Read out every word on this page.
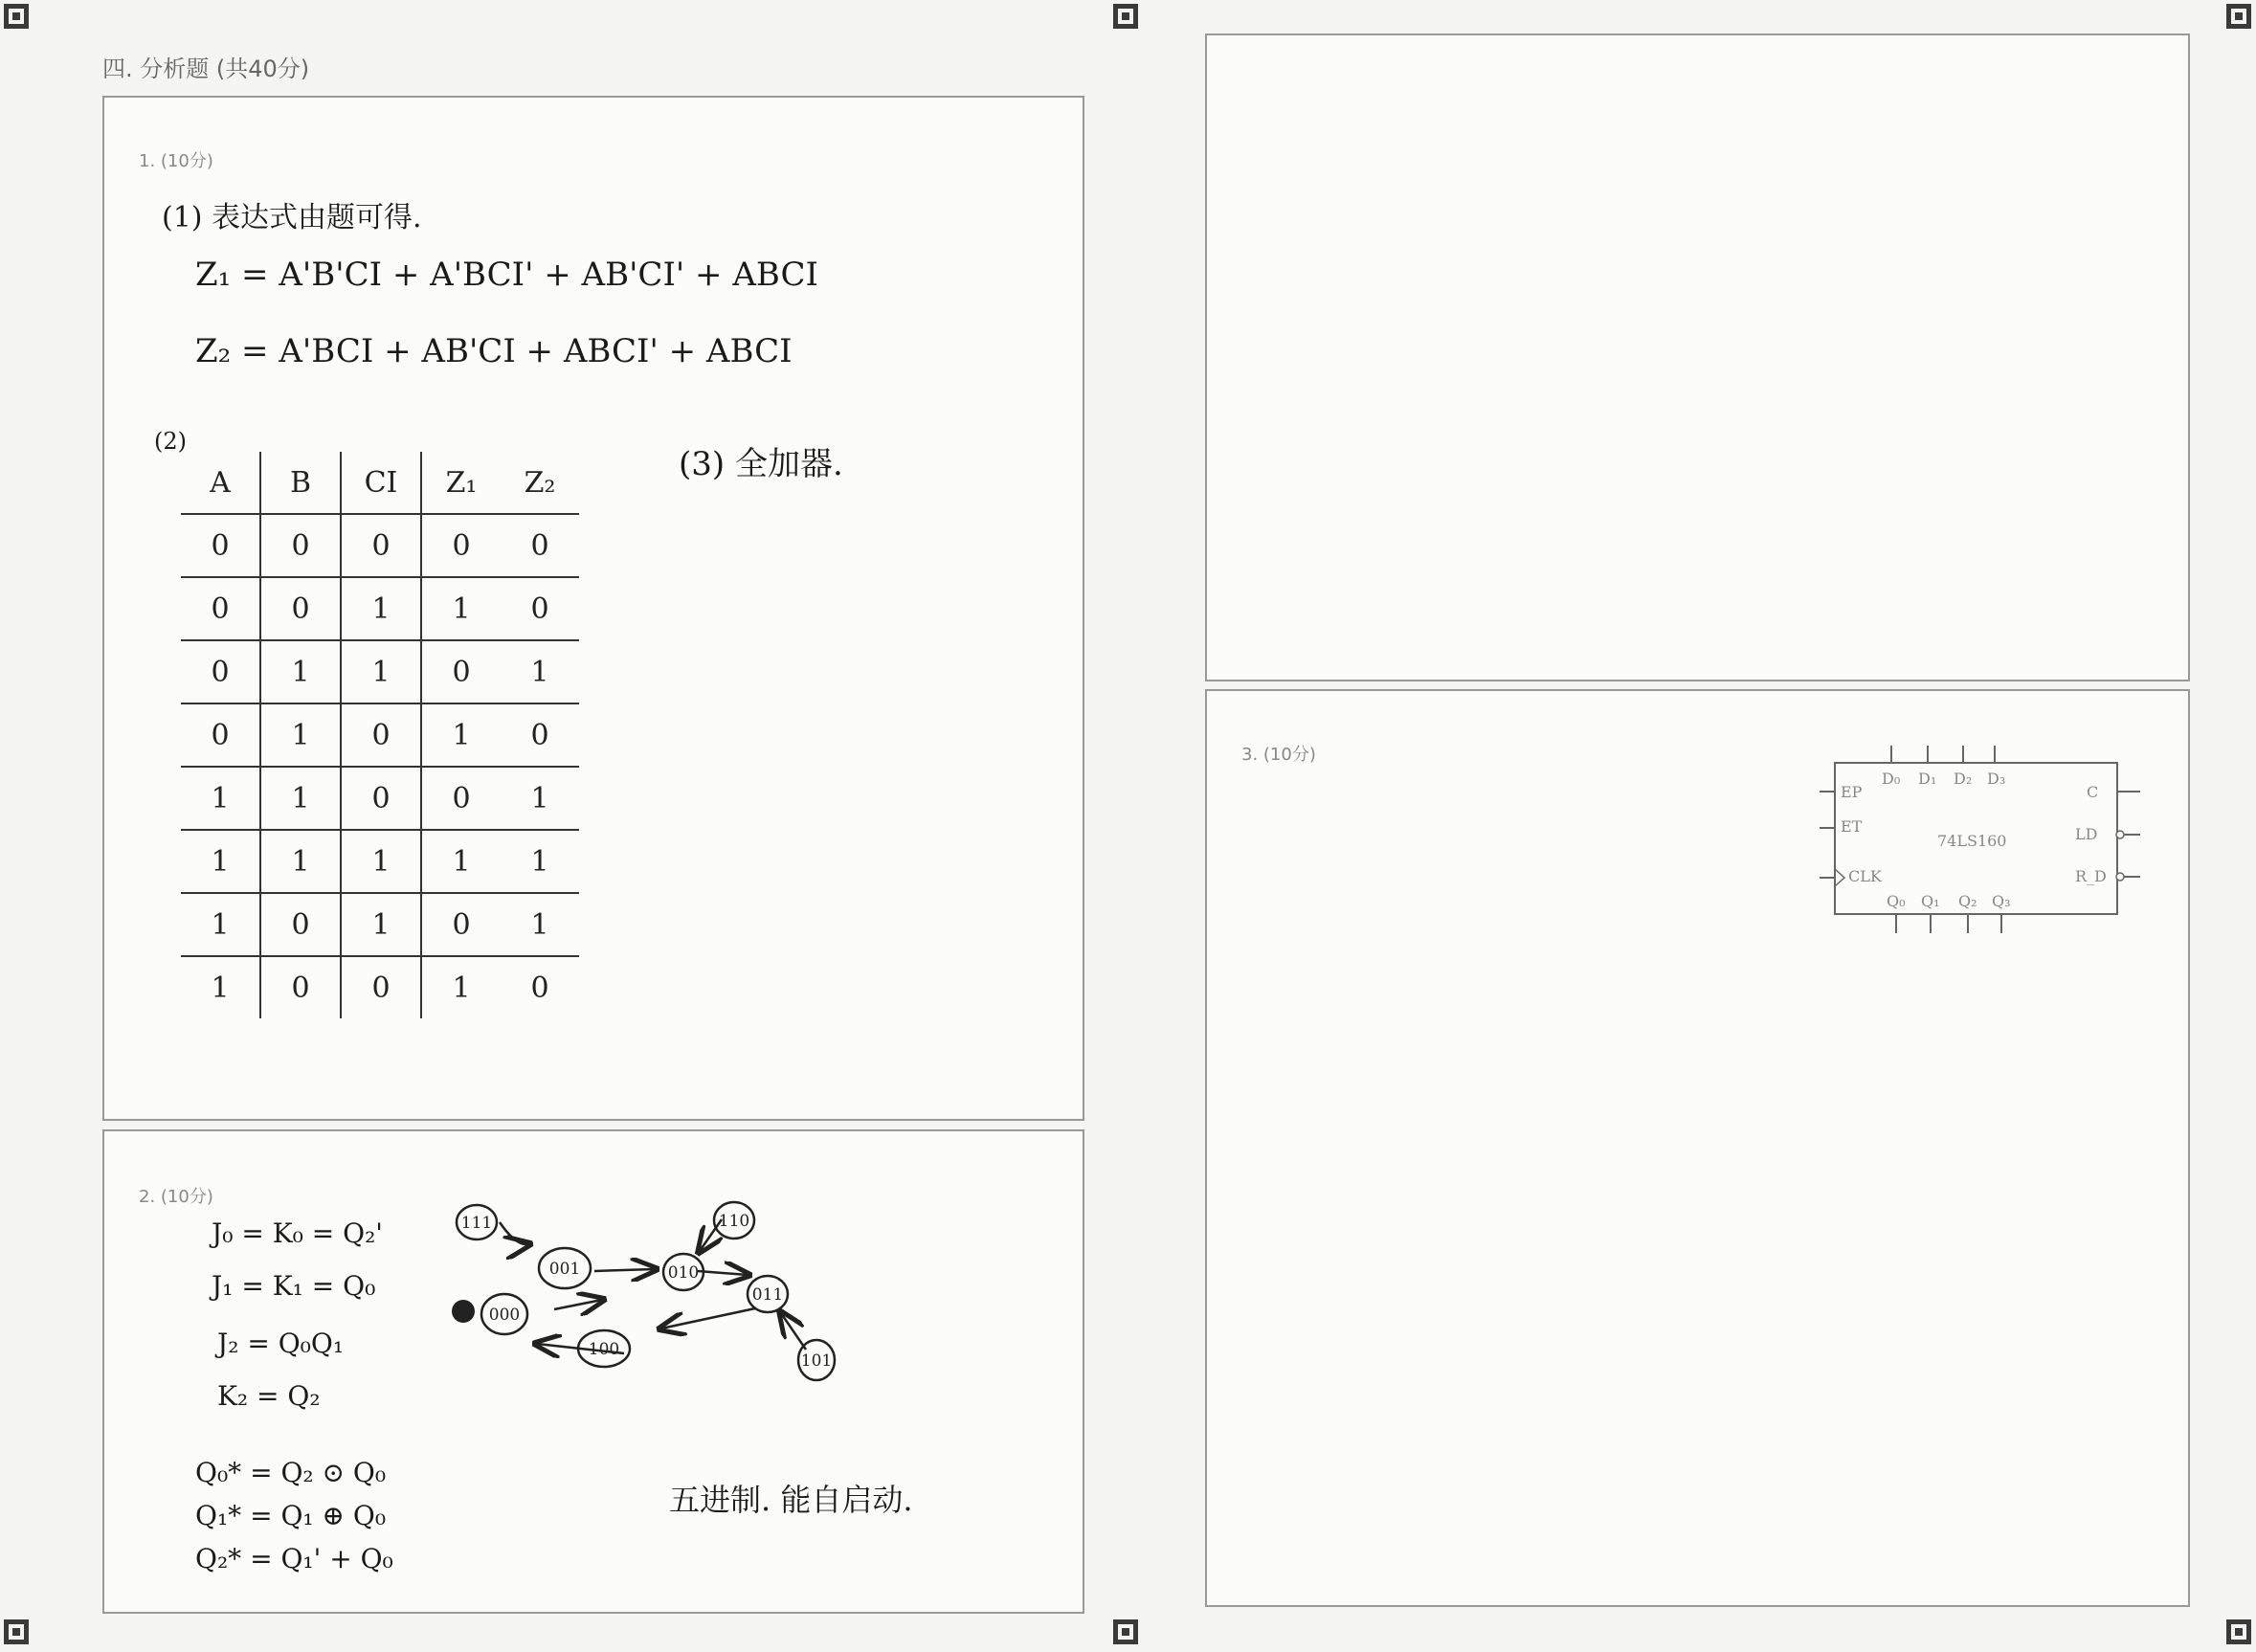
四. 分析题 (共40分)
1. (10分)
(1) 表达式由题可得.
Z₁ = A'B'CI + A'BCI' + AB'CI' + ABCI
Z₂ = A'BCI + AB'CI + ABCI' + ABCI
(2)
(3) 全加器.
A	B	CI	Z₁	Z₂
0	0	0	0	0
0	0	1	1	0
0	1	1	0	1
0	1	0	1	0
1	1	0	0	1
1	1	1	1	1
1	0	1	0	1
1	0	0	1	0
2. (10分)
J₀ = K₀ = Q₂'
J₁ = K₁ = Q₀
J₂ = Q₀Q₁
K₂ = Q₂
Q₀* = Q₂ ⊙ Q₀
Q₁* = Q₁ ⊕ Q₀
Q₂* = Q₁' + Q₀
五进制. 能自启动.
111
001	010
110
011
000
100
101
3. (10分)
74LS160
D₀ D₁ D₂ D₃
Q₀ Q₁ Q₂ Q₃
EP
ET
CLK
C
LD
R_D
